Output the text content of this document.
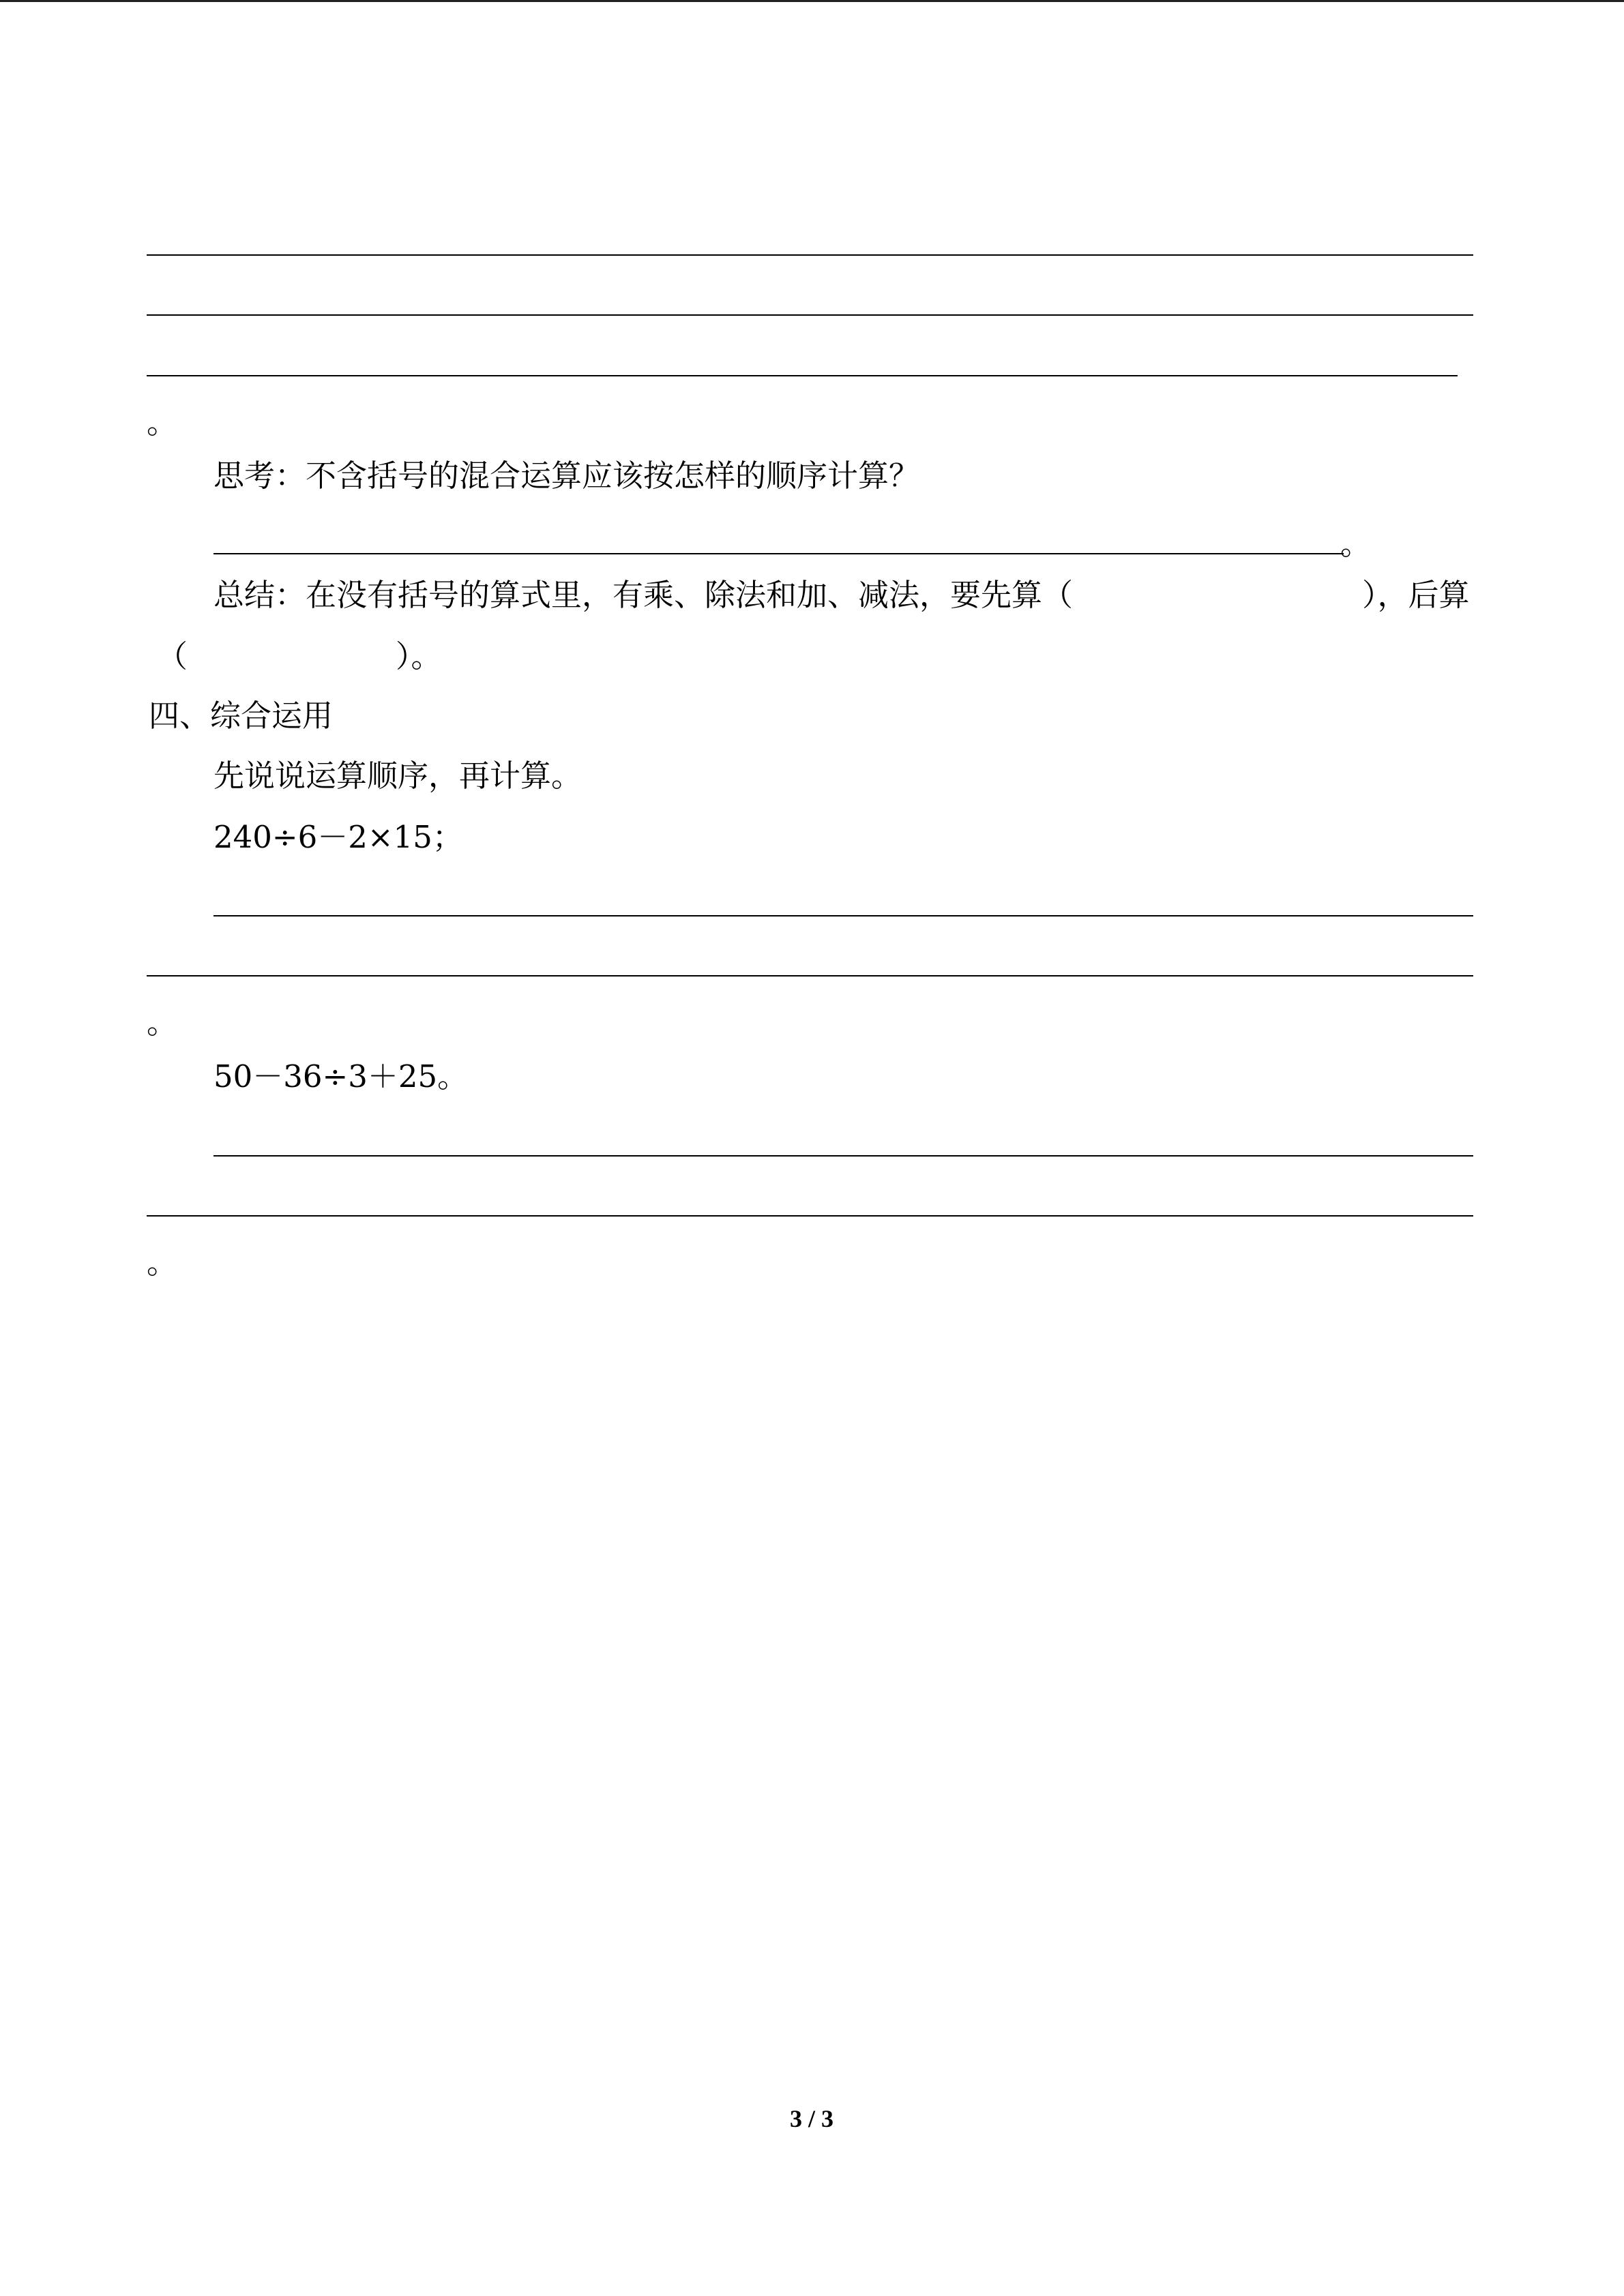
。
思考：不含括号的混合运算应该按怎样的顺序计算？
。
总结：在没有括号的算式里，有乘、除法和加、减法，要先算（	），后算
（	）。
四、综合运用
先说说运算顺序，再计算。
240÷6－2×15；
。
50－36÷3＋25。
。
3 / 3
